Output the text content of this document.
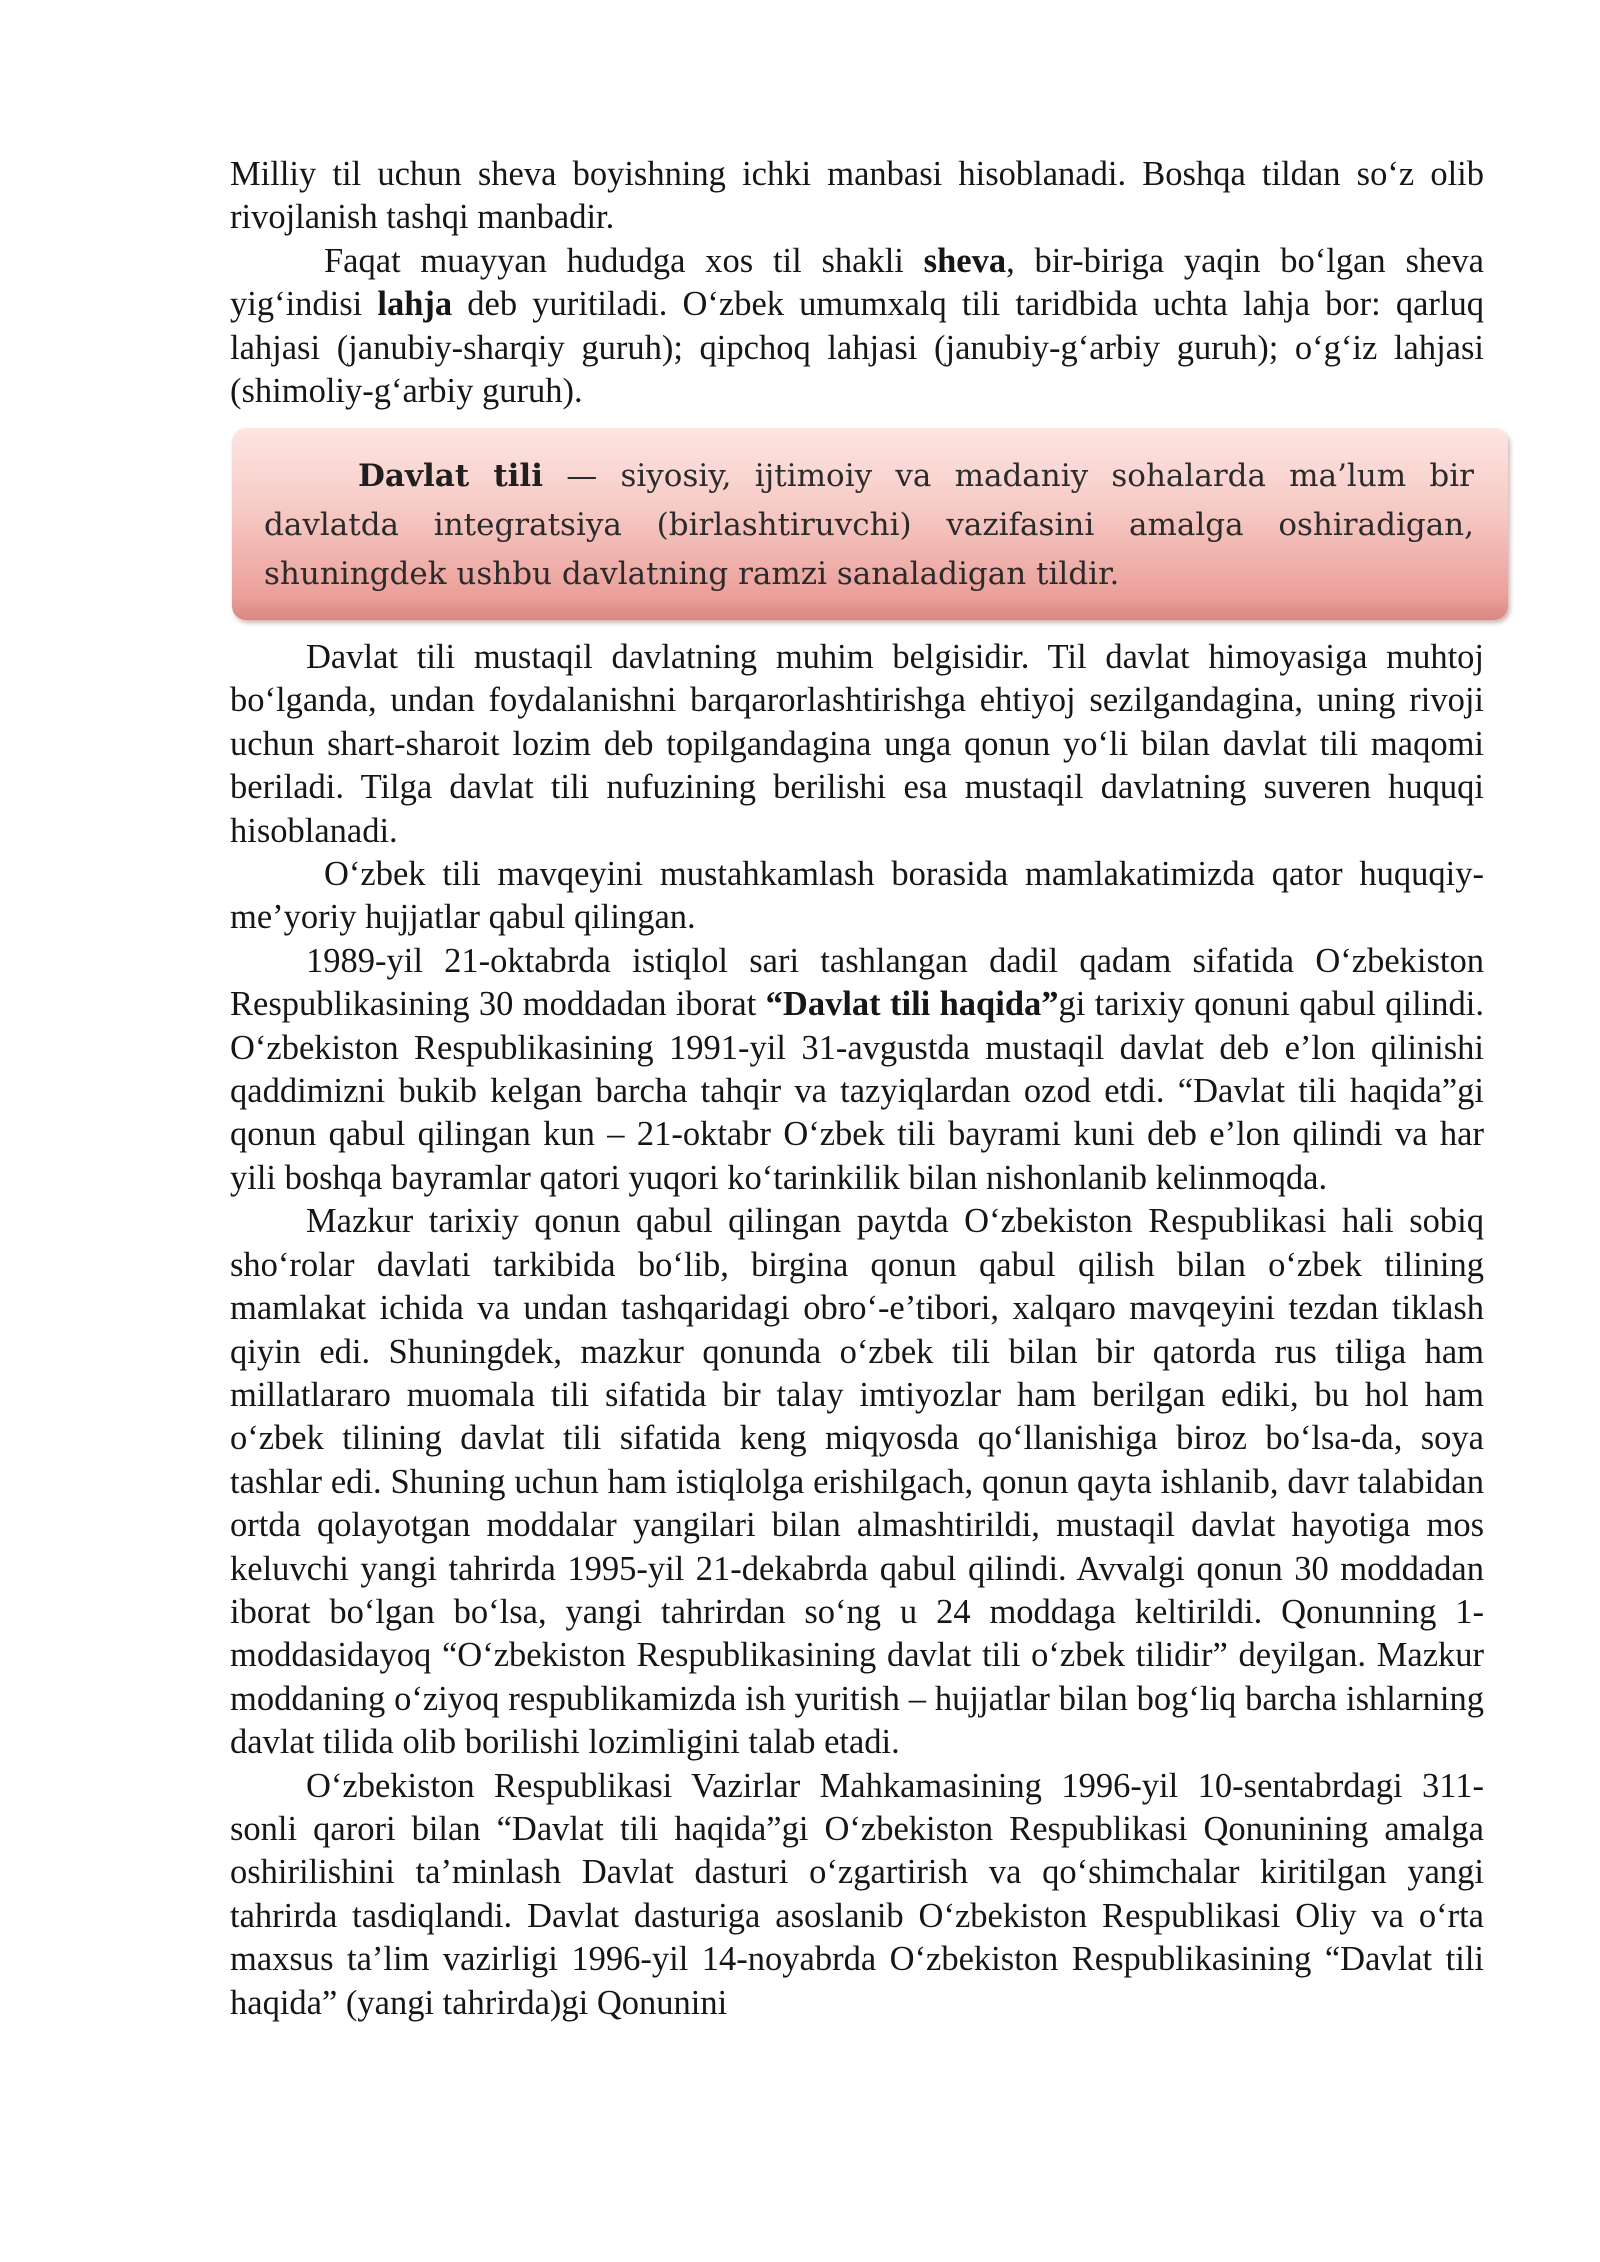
Milliy til uchun sheva boyishning ichki manbasi hisoblanadi. Boshqa tildan so‘z olib rivojlanish tashqi manbadir.

Faqat muayyan hududga xos til shakli sheva, bir-biriga yaqin bo‘lgan sheva yig‘indisi lahja deb yuritiladi. O‘zbek umumxalq tili taridbida uchta lahja bor: qarluq lahjasi (janubiy-sharqiy guruh); qipchoq lahjasi (janubiy-g‘arbiy guruh); o‘g‘iz lahjasi (shimoliy-g‘arbiy guruh).

Davlat tili — siyosiy, ijtimoiy va madaniy sohalarda ma’lum bir davlatda integratsiya (birlashtiruvchi) vazifasini amalga oshiradigan, shuningdek ushbu davlatning ramzi sanaladigan tildir.

Davlat tili mustaqil davlatning muhim belgisidir. Til davlat himoyasiga muhtoj bo‘lganda, undan foydalanishni barqarorlashtirishga ehtiyoj sezilgandagina, uning rivoji uchun shart-sharoit lozim deb topilgandagina unga qonun yo‘li bilan davlat tili maqomi beriladi. Tilga davlat tili nufuzining berilishi esa mustaqil davlatning suveren huquqi hisoblanadi.

O‘zbek tili mavqeyini mustahkamlash borasida mamlakatimizda qator huquqiy-me’yoriy hujjatlar qabul qilingan.

1989-yil 21-oktabrda istiqlol sari tashlangan dadil qadam sifatida O‘zbekiston Respublikasining 30 moddadan iborat “Davlat tili haqida”gi tarixiy qonuni qabul qilindi. O‘zbekiston Respublikasining 1991-yil 31-avgustda mustaqil davlat deb e’lon qilinishi qaddimizni bukib kelgan barcha tahqir va tazyiqlardan ozod etdi. “Davlat tili haqida”gi qonun qabul qilingan kun – 21-oktabr O‘zbek tili bayrami kuni deb e’lon qilindi va har yili boshqa bayramlar qatori yuqori ko‘tarinkilik bilan nishonlanib kelinmoqda.

Mazkur tarixiy qonun qabul qilingan paytda O‘zbekiston Respublikasi hali sobiq sho‘rolar davlati tarkibida bo‘lib, birgina qonun qabul qilish bilan o‘zbek tilining mamlakat ichida va undan tashqaridagi obro‘-e’tibori, xalqaro mavqeyini tezdan tiklash qiyin edi. Shuningdek, mazkur qonunda o‘zbek tili bilan bir qatorda rus tiliga ham millatlararo muomala tili sifatida bir talay imtiyozlar ham berilgan ediki, bu hol ham o‘zbek tilining davlat tili sifatida keng miqyosda qo‘llanishiga biroz bo‘lsa-da, soya tashlar edi. Shuning uchun ham istiqlolga erishilgach, qonun qayta ishlanib, davr talabidan ortda qolayotgan moddalar yangilari bilan almashtirildi, mustaqil davlat hayotiga mos keluvchi yangi tahrirda 1995-yil 21-dekabrda qabul qilindi. Avvalgi qonun 30 moddadan iborat bo‘lgan bo‘lsa, yangi tahrirdan so‘ng u 24 moddaga keltirildi. Qonunning 1-moddasidayoq “O‘zbekiston Respublikasining davlat tili o‘zbek tilidir” deyilgan. Mazkur moddaning o‘ziyoq respublikamizda ish yuritish – hujjatlar bilan bog‘liq barcha ishlarning davlat tilida olib borilishi lozimligini talab etadi.

O‘zbekiston Respublikasi Vazirlar Mahkamasining 1996-yil 10-sentabrdagi 311-sonli qarori bilan “Davlat tili haqida”gi O‘zbekiston Respublikasi Qonunining amalga oshirilishini ta’minlash Davlat dasturi o‘zgartirish va qo‘shimchalar kiritilgan yangi tahrirda tasdiqlandi. Davlat dasturiga asoslanib O‘zbekiston Respublikasi Oliy va o‘rta maxsus ta’lim vazirligi 1996-yil 14-noyabrda O‘zbekiston Respublikasining “Davlat tili haqida” (yangi tahrirda)gi Qonunini
